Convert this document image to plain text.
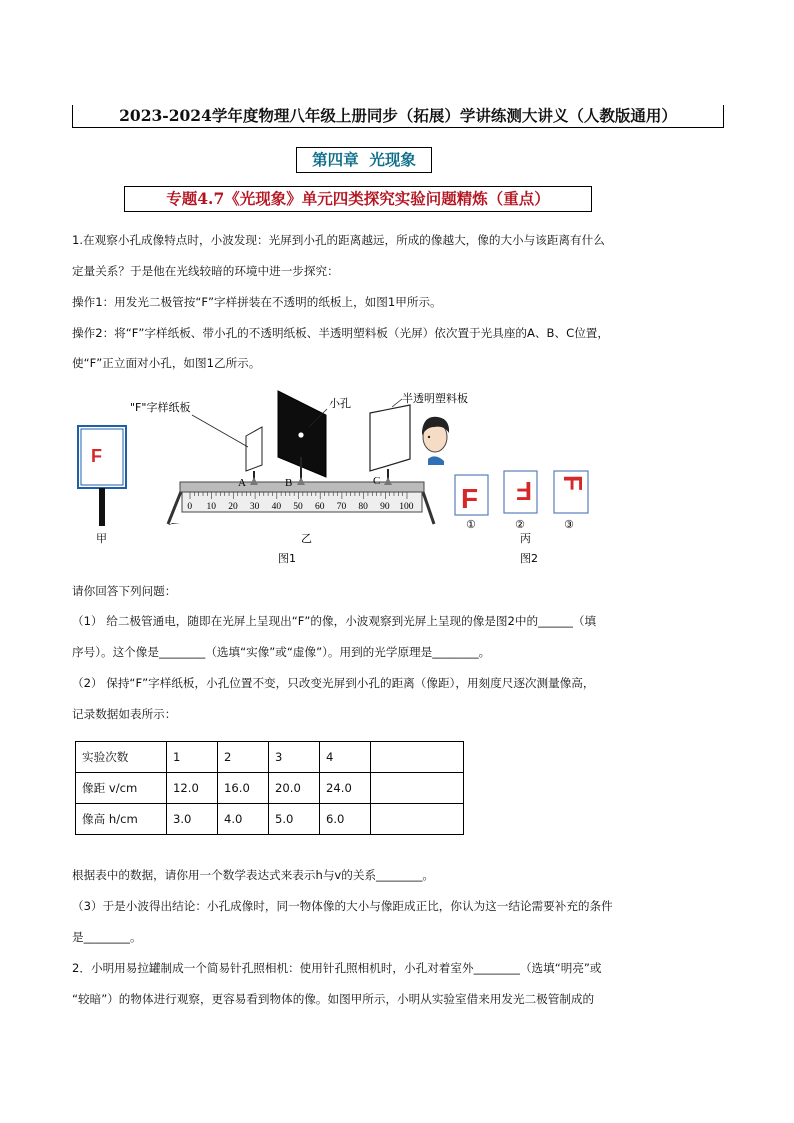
2023-2024学年度物理八年级上册同步（拓展）学讲练测大讲义（人教版通用）
第四章  光现象
专题4.7《光现象》单元四类探究实验问题精炼（重点）
1.在观察小孔成像特点时，小波发现：光屏到小孔的距离越远，所成的像越大，像的大小与该距离有什么
定量关系？于是他在光线较暗的环境中进一步探究：
操作1：用发光二极管按“F”字样拼装在不透明的纸板上，如图1甲所示。
操作2：将“F”字样纸板、带小孔的不透明纸板、半透明塑料板（光屏）依次置于光具座的A、B、C位置，
使“F”正立面对小孔，如图1乙所示。
F
甲
0 10 20 30 40 50 60 70 80 90 100
A	B
小孔
C
半透明塑料板
"F"字样纸板
F F F
①	②	③
乙
图1
丙
图2
请你回答下列问题：
（1） 给二极管通电，随即在光屏上呈现出“F”的像，小波观察到光屏上呈现的像是图2中的______（填
序号）。这个像是________（选填“实像”或“虚像”）。用到的光学原理是________。
（2） 保持“F”字样纸板，小孔位置不变，只改变光屏到小孔的距离（像距），用刻度尺逐次测量像高，
记录数据如表所示：
实验次数	1	2	3	4	
像距 v/cm	12.0	16.0	20.0	24.0	
像高 h/cm	3.0	4.0	5.0	6.0	
根据表中的数据，请你用一个数学表达式来表示h与v的关系________。
（3）于是小波得出结论：小孔成像时，同一物体像的大小与像距成正比，你认为这一结论需要补充的条件
是________。
2．小明用易拉罐制成一个简易针孔照相机：使用针孔照相机时，小孔对着室外________（选填“明亮”或
“较暗”）的物体进行观察，更容易看到物体的像。如图甲所示，小明从实验室借来用发光二极管制成的
